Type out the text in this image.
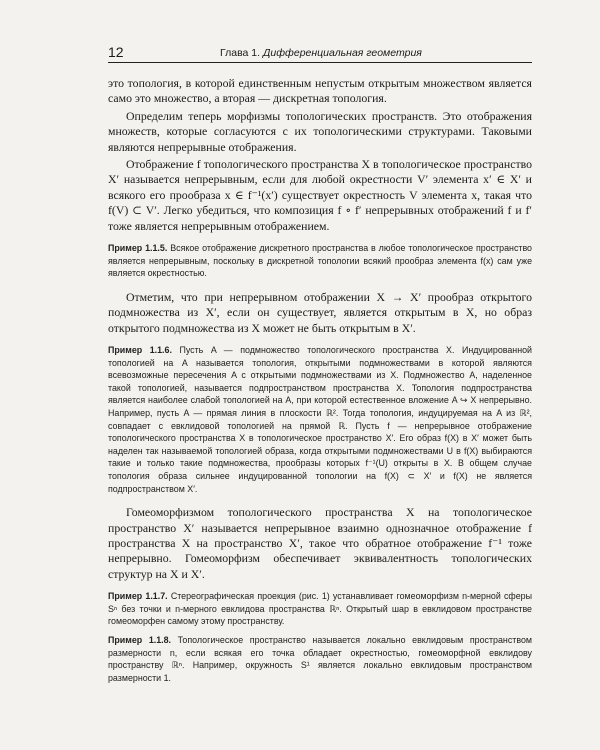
12	Глава 1. Дифференциальная геометрия

это топология, в которой единственным непустым открытым множеством является само это множество, а вторая — дискретная топология.

Определим теперь морфизмы топологических пространств. Это отображения множеств, которые согласуются с их топологическими структурами. Таковыми являются непрерывные отображения.

Отображение f топологического пространства X в топологическое пространство X′ называется непрерывным, если для любой окрестности V′ элемента x′ ∈ X′ и всякого его прообраза x ∈ f⁻¹(x′) существует окрестность V элемента x, такая что f(V) ⊂ V′. Легко убедиться, что композиция f ∘ f′ непрерывных отображений f и f′ тоже является непрерывным отображением.

Пример 1.1.5. Всякое отображение дискретного пространства в любое топологическое пространство является непрерывным, поскольку в дискретной топологии всякий прообраз элемента f(x) сам уже является окрестностью.

Отметим, что при непрерывном отображении X → X′ прообраз открытого подмножества из X′, если он существует, является открытым в X, но образ открытого подмножества из X может не быть открытым в X′.

Пример 1.1.6. Пусть A — подмножество топологического пространства X. Индуцированной топологией на A называется топология, открытыми подмножествами в которой являются всевозможные пересечения A с открытыми подмножествами из X. Подмножество A, наделенное такой топологией, называется подпространством пространства X. Топология подпространства является наиболее слабой топологией на A, при которой естественное вложение A ↪ X непрерывно. Например, пусть A — прямая линия в плоскости ℝ². Тогда топология, индуцируемая на A из ℝ², совпадает с евклидовой топологией на прямой ℝ. Пусть f — непрерывное отображение топологического пространства X в топологическое пространство X′. Его образ f(X) в X′ может быть наделен так называемой топологией образа, когда открытыми подмножествами U в f(X) выбираются такие и только такие подмножества, прообразы которых f⁻¹(U) открыты в X. В общем случае топология образа сильнее индуцированной топологии на f(X) ⊂ X′ и f(X) не является подпространством X′.

Гомеоморфизмом топологического пространства X на топологическое пространство X′ называется непрерывное взаимно однозначное отображение f пространства X на пространство X′, такое что обратное отображение f⁻¹ тоже непрерывно. Гомеоморфизм обеспечивает эквивалентность топологических структур на X и X′.

Пример 1.1.7. Стереографическая проекция (рис. 1) устанавливает гомеоморфизм n-мерной сферы Sⁿ без точки и n-мерного евклидова пространства ℝⁿ. Открытый шар в евклидовом пространстве гомеоморфен самому этому пространству.
Пример 1.1.8. Топологическое пространство называется локально евклидовым пространством размерности n, если всякая его точка обладает окрестностью, гомеоморфной евклидову пространству ℝⁿ. Например, окружность S¹ является локально евклидовым пространством размерности 1.
